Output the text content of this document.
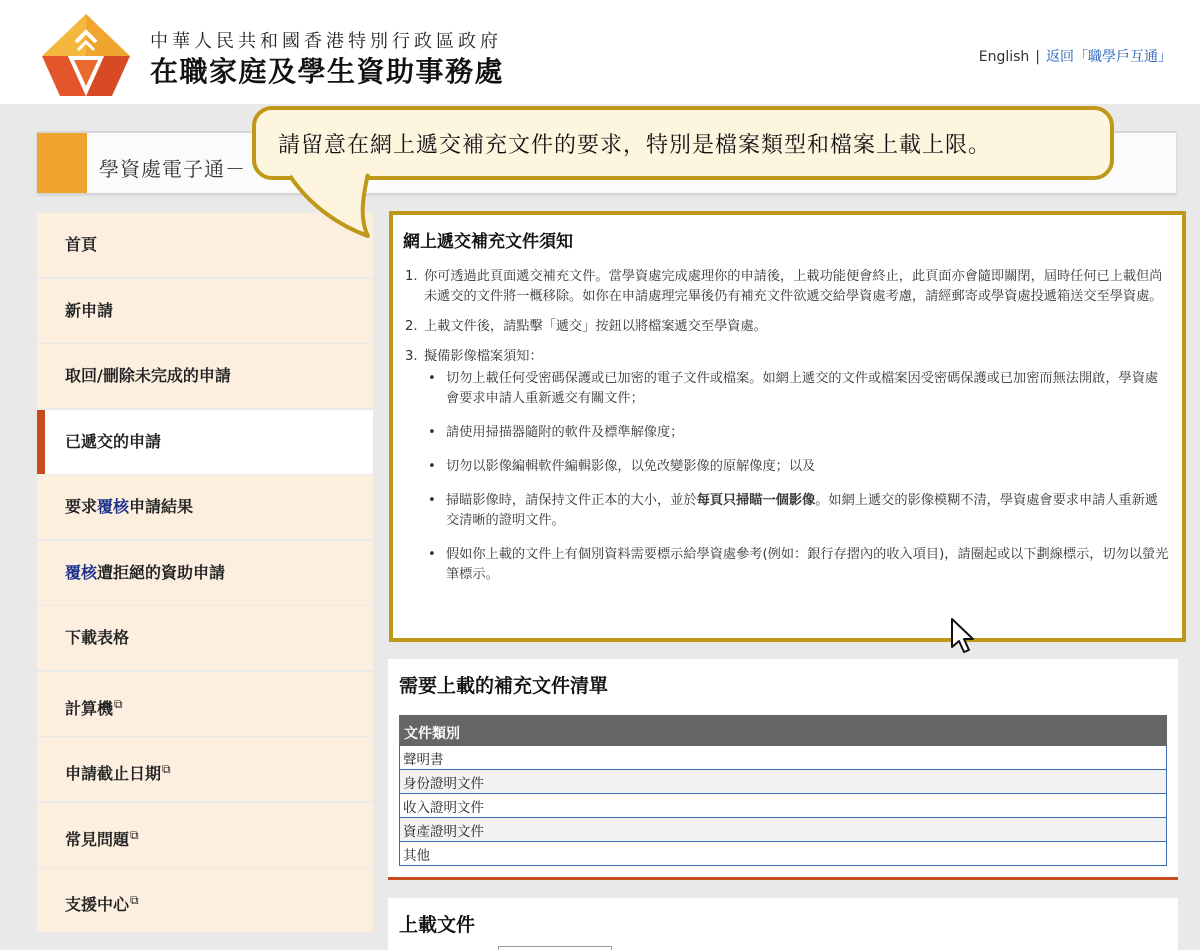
中華人民共和國香港特別行政區政府
在職家庭及學生資助事務處	English | 返回「職學戶互通」
學資處電子通－
請留意在網上遞交補充文件的要求，特別是檔案類型和檔案上載上限。
首頁
新申請
取回/刪除未完成的申請
已遞交的申請
要求覆核申請結果
覆核遭拒絕的資助申請
下載表格
計算機⧉
申請截止日期⧉
常見問題⧉
支援中心⧉
網上遞交補充文件須知
1. 你可透過此頁面遞交補充文件。當學資處完成處理你的申請後，上載功能便會終止，此頁面亦會隨即關閉，屆時任何已上載但尚未遞交的文件將一概移除。如你在申請處理完畢後仍有補充文件欲遞交給學資處考慮，請經郵寄或學資處投遞箱送交至學資處。
2. 上載文件後，請點擊「遞交」按鈕以將檔案遞交至學資處。
3. 擬備影像檔案須知：
• 切勿上載任何受密碼保護或已加密的電子文件或檔案。如網上遞交的文件或檔案因受密碼保護或已加密而無法開啟，學資處會要求申請人重新遞交有關文件；
• 請使用掃描器隨附的軟件及標準解像度；
• 切勿以影像編輯軟件編輯影像，以免改變影像的原解像度；以及
• 掃瞄影像時，請保持文件正本的大小，並於每頁只掃瞄一個影像。如網上遞交的影像模糊不清，學資處會要求申請人重新遞交清晰的證明文件。
• 假如你上載的文件上有個別資料需要標示給學資處參考(例如：銀行存摺內的收入項目)，請圈起或以下劃線標示，切勿以螢光筆標示。
需要上載的補充文件清單
文件類別
聲明書
身份證明文件
收入證明文件
資產證明文件
其他
上載文件
